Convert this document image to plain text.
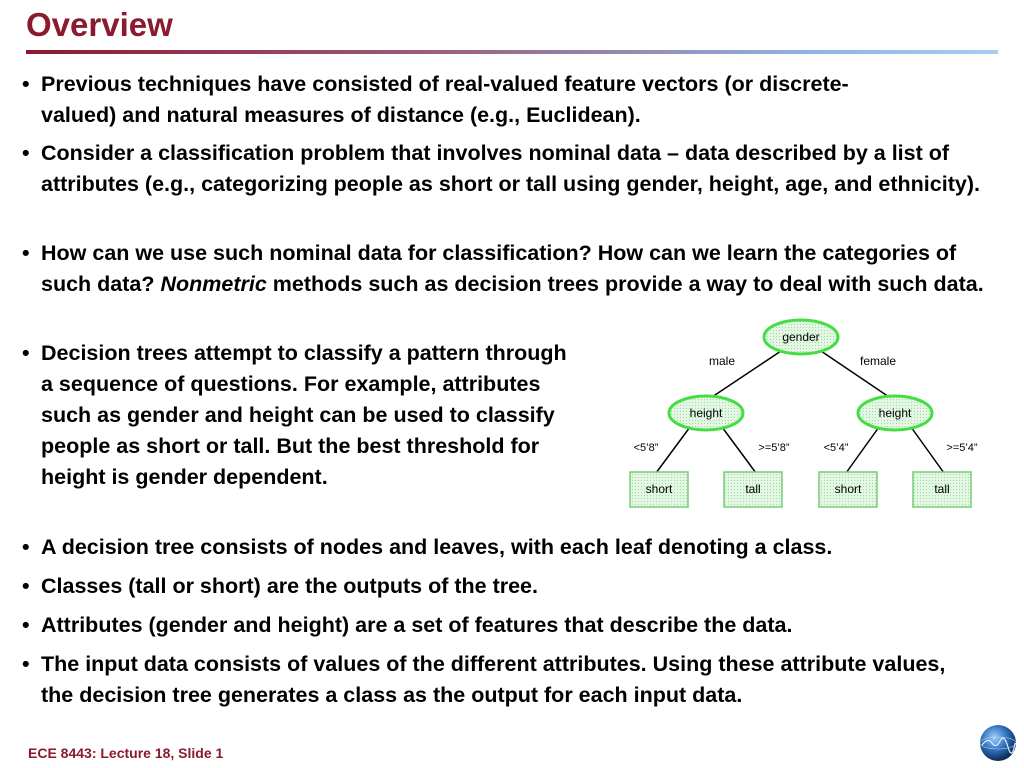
Overview
• Previous techniques have consisted of real-valued feature vectors (or discrete-valued) and natural measures of distance (e.g., Euclidean).
• Consider a classification problem that involves nominal data – data described by a list of attributes (e.g., categorizing people as short or tall using gender, height, age, and ethnicity).
• How can we use such nominal data for classification? How can we learn the categories of such data? Nonmetric methods such as decision trees provide a way to deal with such data.
• Decision trees attempt to classify a pattern through a sequence of questions. For example, attributes such as gender and height can be used to classify people as short or tall. But the best threshold for height is gender dependent.
• A decision tree consists of nodes and leaves, with each leaf denoting a class.
• Classes (tall or short) are the outputs of the tree.
• Attributes (gender and height) are a set of features that describe the data.
• The input data consists of values of the different attributes. Using these attribute values, the decision tree generates a class as the output for each input data.
gender
male	female
height	height
<5’8”	>=5’8”	<5’4”	>=5’4”
short	tall	short	tall
ECE 8443: Lecture 18, Slide 1
